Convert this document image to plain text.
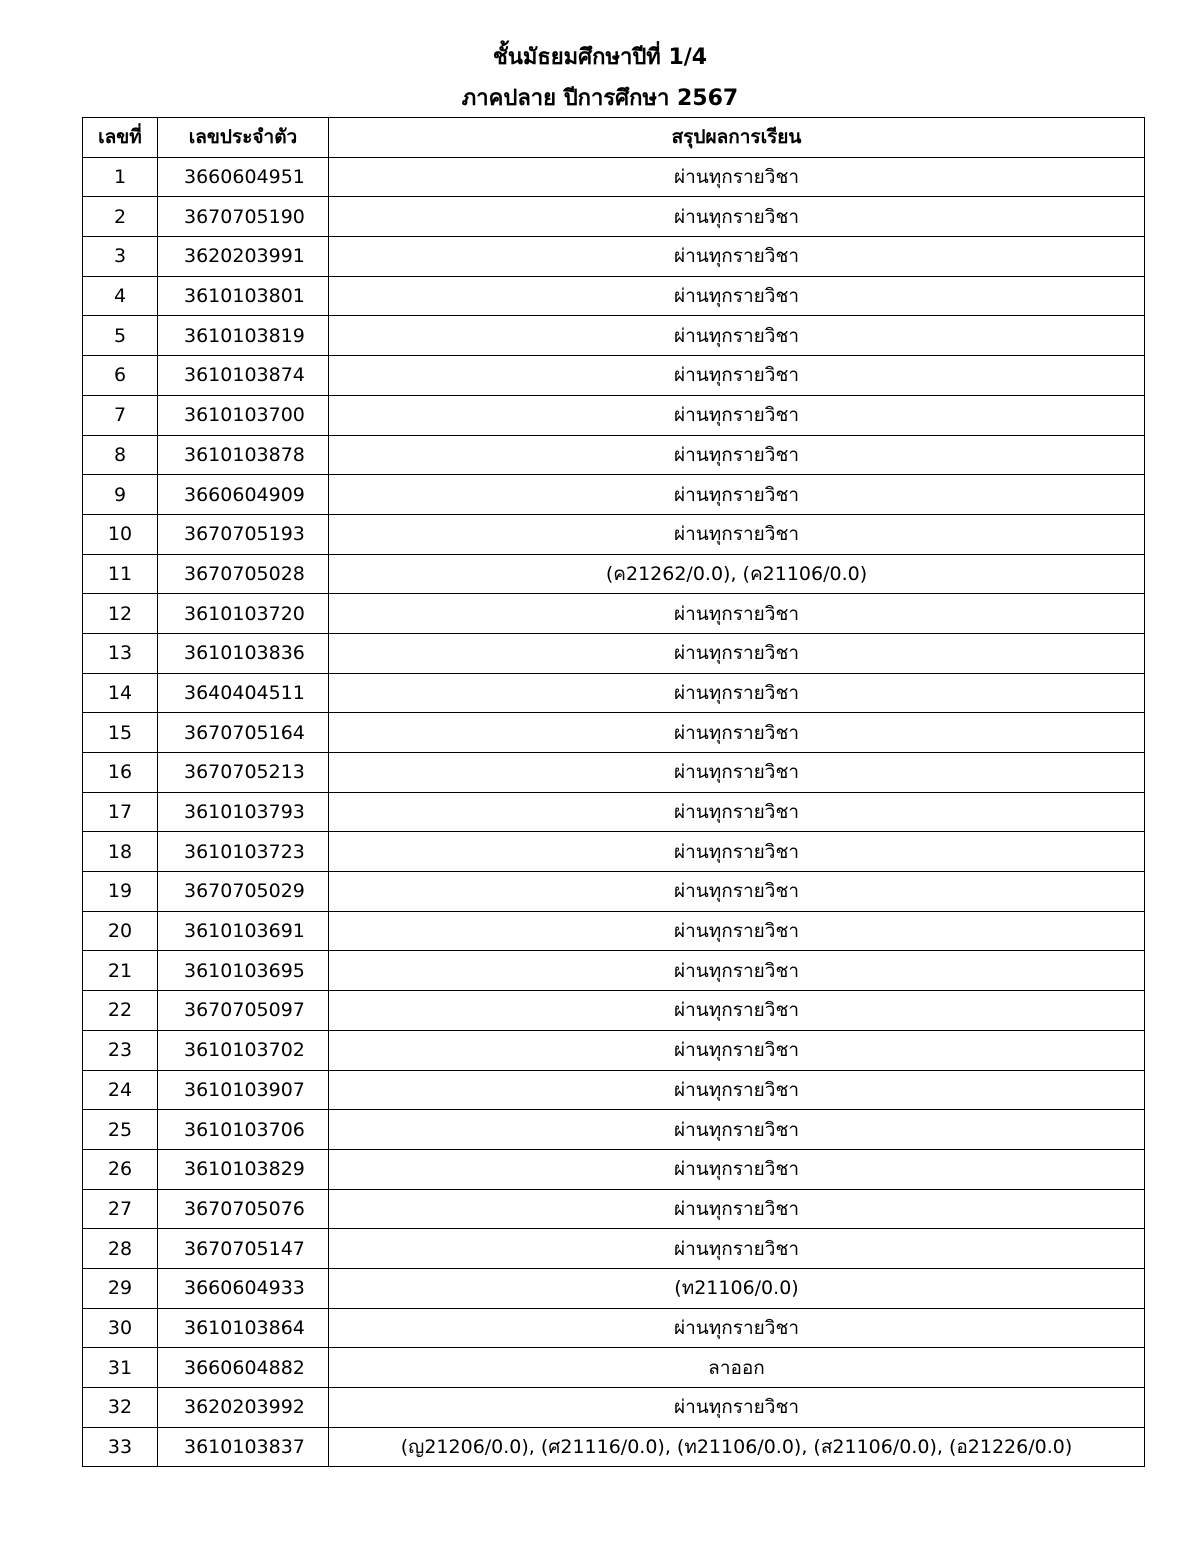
ชั้นมัธยมศึกษาปีที่ 1/4
ภาคปลาย ปีการศึกษา 2567
เลขที่	เลขประจำตัว	สรุปผลการเรียน
1	3660604951	ผ่านทุกรายวิชา
2	3670705190	ผ่านทุกรายวิชา
3	3620203991	ผ่านทุกรายวิชา
4	3610103801	ผ่านทุกรายวิชา
5	3610103819	ผ่านทุกรายวิชา
6	3610103874	ผ่านทุกรายวิชา
7	3610103700	ผ่านทุกรายวิชา
8	3610103878	ผ่านทุกรายวิชา
9	3660604909	ผ่านทุกรายวิชา
10	3670705193	ผ่านทุกรายวิชา
11	3670705028	(ค21262/0.0), (ค21106/0.0)
12	3610103720	ผ่านทุกรายวิชา
13	3610103836	ผ่านทุกรายวิชา
14	3640404511	ผ่านทุกรายวิชา
15	3670705164	ผ่านทุกรายวิชา
16	3670705213	ผ่านทุกรายวิชา
17	3610103793	ผ่านทุกรายวิชา
18	3610103723	ผ่านทุกรายวิชา
19	3670705029	ผ่านทุกรายวิชา
20	3610103691	ผ่านทุกรายวิชา
21	3610103695	ผ่านทุกรายวิชา
22	3670705097	ผ่านทุกรายวิชา
23	3610103702	ผ่านทุกรายวิชา
24	3610103907	ผ่านทุกรายวิชา
25	3610103706	ผ่านทุกรายวิชา
26	3610103829	ผ่านทุกรายวิชา
27	3670705076	ผ่านทุกรายวิชา
28	3670705147	ผ่านทุกรายวิชา
29	3660604933	(ท21106/0.0)
30	3610103864	ผ่านทุกรายวิชา
31	3660604882	ลาออก
32	3620203992	ผ่านทุกรายวิชา
33	3610103837	(ญ21206/0.0), (ศ21116/0.0), (ท21106/0.0), (ส21106/0.0), (อ21226/0.0)
